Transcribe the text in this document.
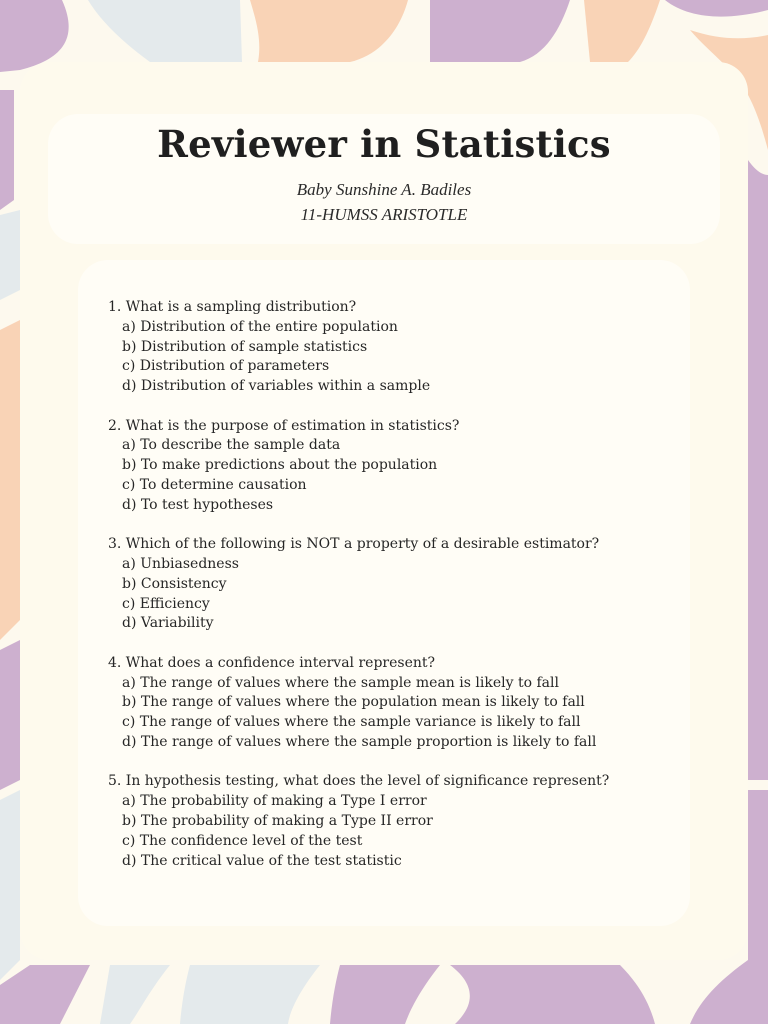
Reviewer in Statistics
Baby Sunshine A. Badiles
11-HUMSS ARISTOTLE
1. What is a sampling distribution?
a) Distribution of the entire population
b) Distribution of sample statistics
c) Distribution of parameters
d) Distribution of variables within a sample
2. What is the purpose of estimation in statistics?
a) To describe the sample data
b) To make predictions about the population
c) To determine causation
d) To test hypotheses
3. Which of the following is NOT a property of a desirable estimator?
a) Unbiasedness
b) Consistency
c) Efficiency
d) Variability
4. What does a confidence interval represent?
a) The range of values where the sample mean is likely to fall
b) The range of values where the population mean is likely to fall
c) The range of values where the sample variance is likely to fall
d) The range of values where the sample proportion is likely to fall
5. In hypothesis testing, what does the level of significance represent?
a) The probability of making a Type I error
b) The probability of making a Type II error
c) The confidence level of the test
d) The critical value of the test statistic
